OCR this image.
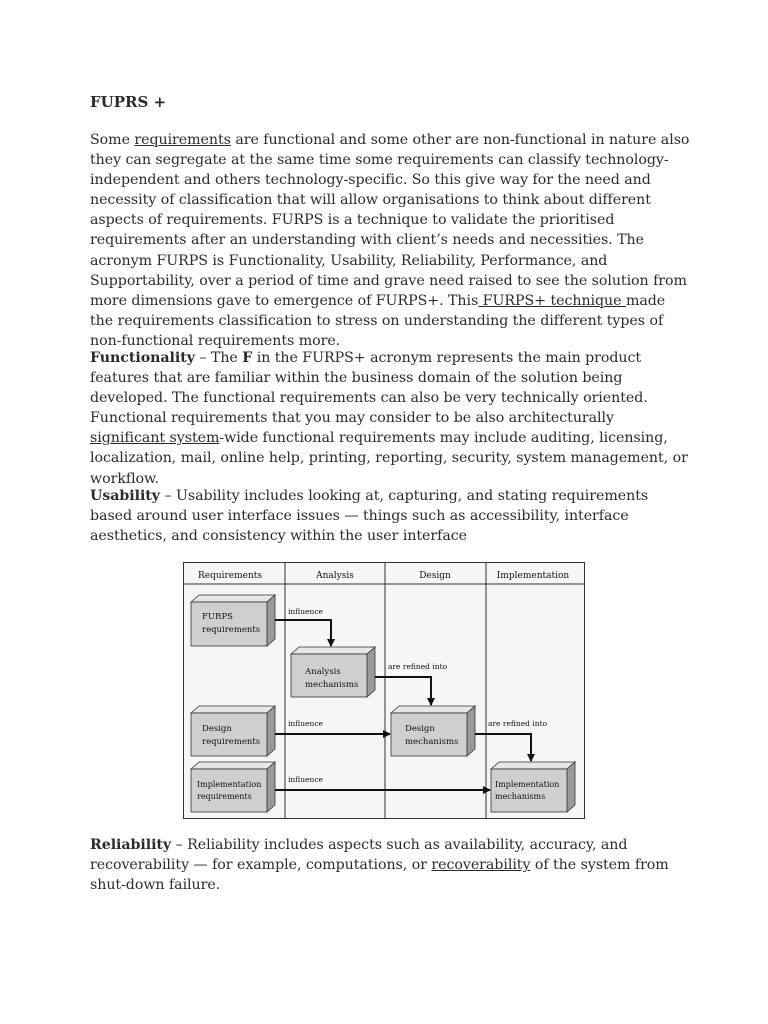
FUPRS +

Some requirements are functional and some other are non-functional in nature also they can segregate at the same time some requirements can classify technology-independent and others technology-specific. So this give way for the need and necessity of classification that will allow organisations to think about different aspects of requirements. FURPS is a technique to validate the prioritised requirements after an understanding with client’s needs and necessities. The acronym FURPS is Functionality, Usability, Reliability, Performance, and Supportability, over a period of time and grave need raised to see the solution from more dimensions gave to emergence of FURPS+. This FURPS+ technique made the requirements classification to stress on understanding the different types of non-functional requirements more.

Functionality – The F in the FURPS+ acronym represents the main product features that are familiar within the business domain of the solution being developed. The functional requirements can also be very technically oriented. Functional requirements that you may consider to be also architecturally significant system-wide functional requirements may include auditing, licensing, localization, mail, online help, printing, reporting, security, system management, or workflow.

Usability – Usability includes looking at, capturing, and stating requirements based around user interface issues — things such as accessibility, interface aesthetics, and consistency within the user interface

Reliability – Reliability includes aspects such as availability, accuracy, and recoverability — for example, computations, or recoverability of the system from shut-down failure.

Requirements	Analysis	Design	Implementation
FURPS
requirements
Analysis
mechanisms
Design
requirements
Design
mechanisms
Implementation
requirements
Implementation
mechanisms
influence
are refined into
influence	are refined into
influence
